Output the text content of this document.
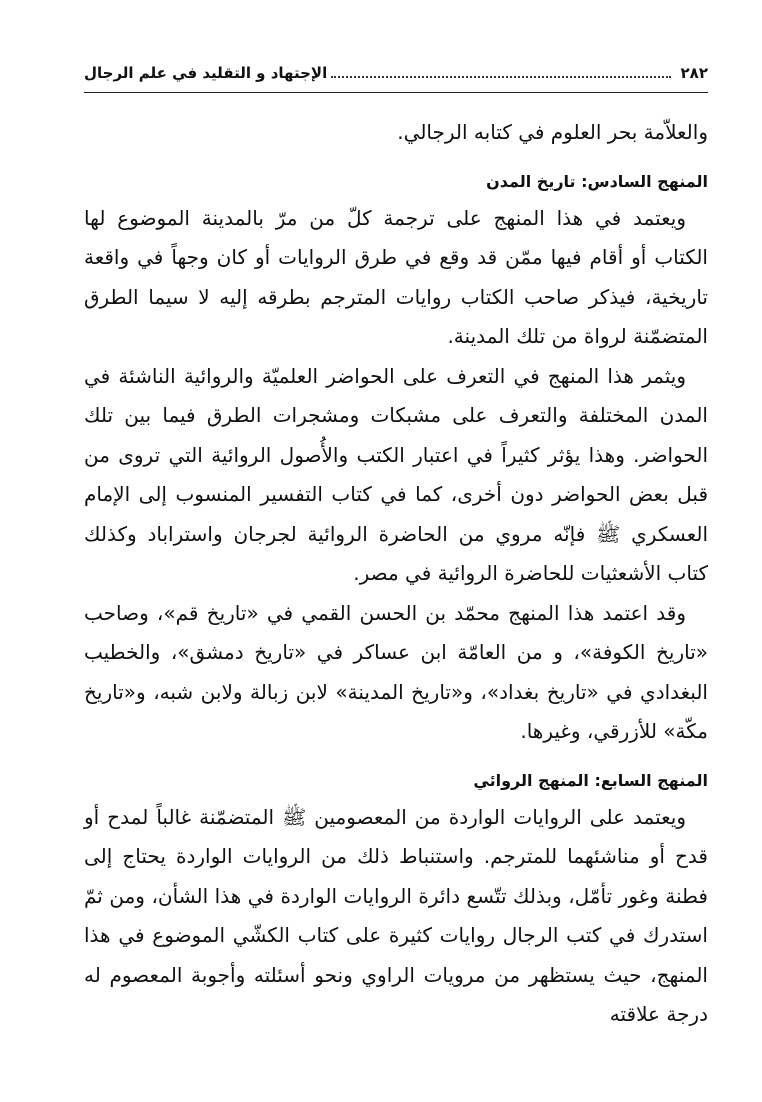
٢٨٢
الإجتهاد و التقليد في علم الرجال

والعلاّمة بحر العلوم في كتابه الرجالي.

المنهج السادس: تاريخ المدن

ويعتمد في هذا المنهج على ترجمة كلّ من مرّ بالمدينة الموضوع لها الكتاب أو أقام فيها ممّن قد وقع في طرق الروايات أو كان وجهاً في واقعة تاريخية، فيذكر صاحب الكتاب روايات المترجم بطرقه إليه لا سيما الطرق المتضمّنة لرواة من تلك المدينة.

ويثمر هذا المنهج في التعرف على الحواضر العلميّة والروائية الناشئة في المدن المختلفة والتعرف على مشبكات ومشجرات الطرق فيما بين تلك الحواضر. وهذا يؤثر كثيراً في اعتبار الكتب والأُصول الروائية التي تروى من قبل بعض الحواضر دون أخرى، كما في كتاب التفسير المنسوب إلى الإمام العسكري ﷺ فإنّه مروي من الحاضرة الروائية لجرجان واستراباد وكذلك كتاب الأشعثيات للحاضرة الروائية في مصر.

وقد اعتمد هذا المنهج محمّد بن الحسن القمي في «تاريخ قم»، وصاحب «تاريخ الكوفة»، و من العامّة ابن عساكر في «تاريخ دمشق»، والخطيب البغدادي في «تاريخ بغداد»، و«تاريخ المدينة» لابن زبالة ولابن شبه، و«تاريخ مكّة» للأزرقي، وغيرها.

المنهج السابع: المنهج الروائي

ويعتمد على الروايات الواردة من المعصومين ﷺ المتضمّنة غالباً لمدح أو قدح أو مناشئهما للمترجم. واستنباط ذلك من الروايات الواردة يحتاج إلى فطنة وغور تأمّل، وبذلك تتّسع دائرة الروايات الواردة في هذا الشأن، ومن ثمّ استدرك في كتب الرجال روايات كثيرة على كتاب الكشّي الموضوع في هذا المنهج، حيث يستظهر من مرويات الراوي ونحو أسئلته وأجوبة المعصوم له درجة علاقته
